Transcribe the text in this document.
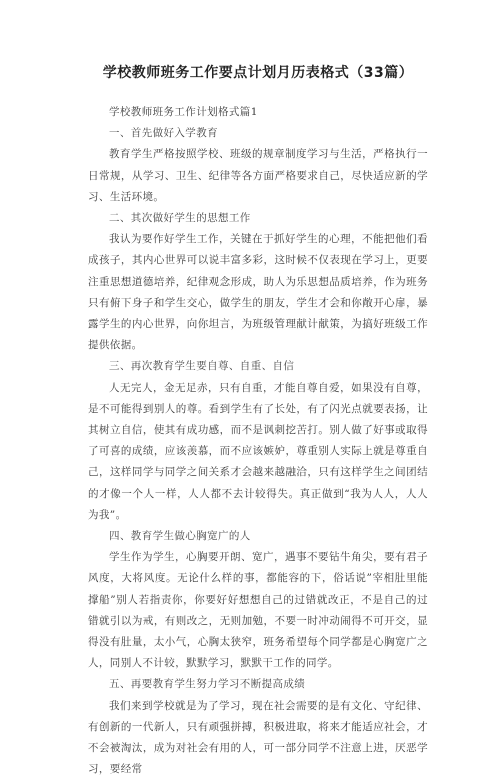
学校教师班务工作要点计划月历表格式（33篇）

学校教师班务工作计划格式篇1

一、首先做好入学教育

教育学生严格按照学校、班级的规章制度学习与生活，严格执行一日常规，从学习、卫生、纪律等各方面严格要求自己，尽快适应新的学习、生活环境。

二、其次做好学生的思想工作

我认为要作好学生工作，关键在于抓好学生的心理，不能把他们看成孩子，其内心世界可以说丰富多彩，这时候不仅表现在学习上，更要注重思想道德培养，纪律观念形成，助人为乐思想品质培养，作为班务只有俯下身子和学生交心，做学生的朋友，学生才会和你敞开心扉，暴露学生的内心世界，向你坦言，为班级管理献计献策，为搞好班级工作提供依据。

三、再次教育学生要自尊、自重、自信

人无完人，金无足赤，只有自重，才能自尊自爱，如果没有自尊，是不可能得到别人的尊。看到学生有了长处，有了闪光点就要表扬，让其树立自信，使其有成功感，而不是讽刺挖苦打。别人做了好事或取得了可喜的成绩，应该羡慕，而不应该嫉妒，尊重别人实际上就是尊重自己，这样同学与同学之间关系才会越来越融洽，只有这样学生之间团结的才像一个人一样，人人都不去计较得失。真正做到“我为人人，人人为我”。

四、教育学生做心胸宽广的人

学生作为学生，心胸要开朗、宽广，遇事不要钻牛角尖，要有君子风度，大将风度。无论什么样的事，都能容的下，俗话说”宰相肚里能撑船”别人若指责你，你要好好想想自己的过错就改正，不是自己的过错就引以为戒，有则改之，无则加勉，不要一时冲动闹得不可开交，显得没有肚量，太小气，心胸太狭窄，班务希望每个同学都是心胸宽广之人，同别人不计较，默默学习，默默干工作的同学。

五、再要教育学生努力学习不断提高成绩

我们来到学校就是为了学习，现在社会需要的是有文化、守纪律、有创新的一代新人，只有顽强拼搏，积极进取，将来才能适应社会，才不会被淘汰，成为对社会有用的人，可一部分同学不注意上进，厌恶学习，要经常
